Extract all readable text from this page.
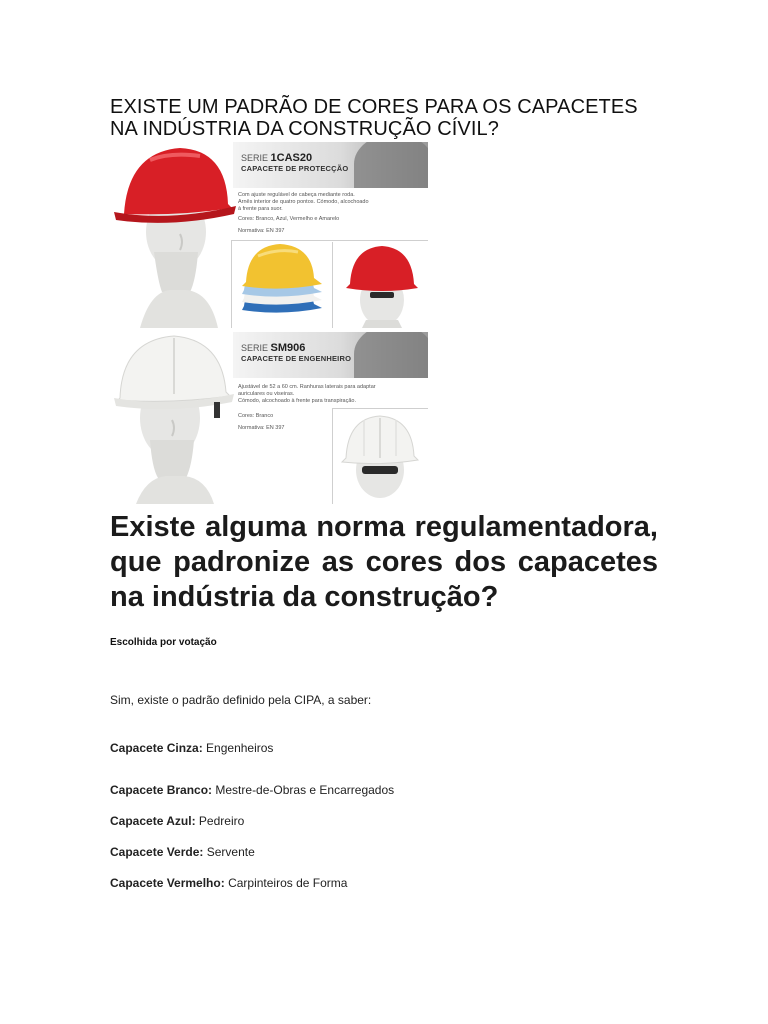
EXISTE UM PADRÃO DE CORES PARA OS CAPACETES NA INDÚSTRIA DA CONSTRUÇÃO CÍVIL?
SERIE 1CAS20
CAPACETE DE PROTECÇÃO
Com ajuste regulável de cabeça mediante roda.
Arnês interior de quatro pontos. Cómodo, alcochoado
à frente para suor.
Cores: Branco, Azul, Vermelho e Amarelo
Normativa: EN 397
SERIE SM906
CAPACETE DE ENGENHEIRO
Ajustável de 52 a 60 cm. Ranhuras laterais para adaptar
auriculares ou viseiras.
Cómodo, alcochoado à frente para transpiração.
Cores: Branco
Normativa: EN 397
Existe alguma norma regulamentadora, que padronize as cores dos capacetes na indústria da construção?
Escolhida por votação
Sim, existe o padrão definido pela CIPA, a saber:
Capacete Cinza: Engenheiros
Capacete Branco: Mestre-de-Obras e Encarregados
Capacete Azul: Pedreiro
Capacete Verde: Servente
Capacete Vermelho: Carpinteiros de Forma
